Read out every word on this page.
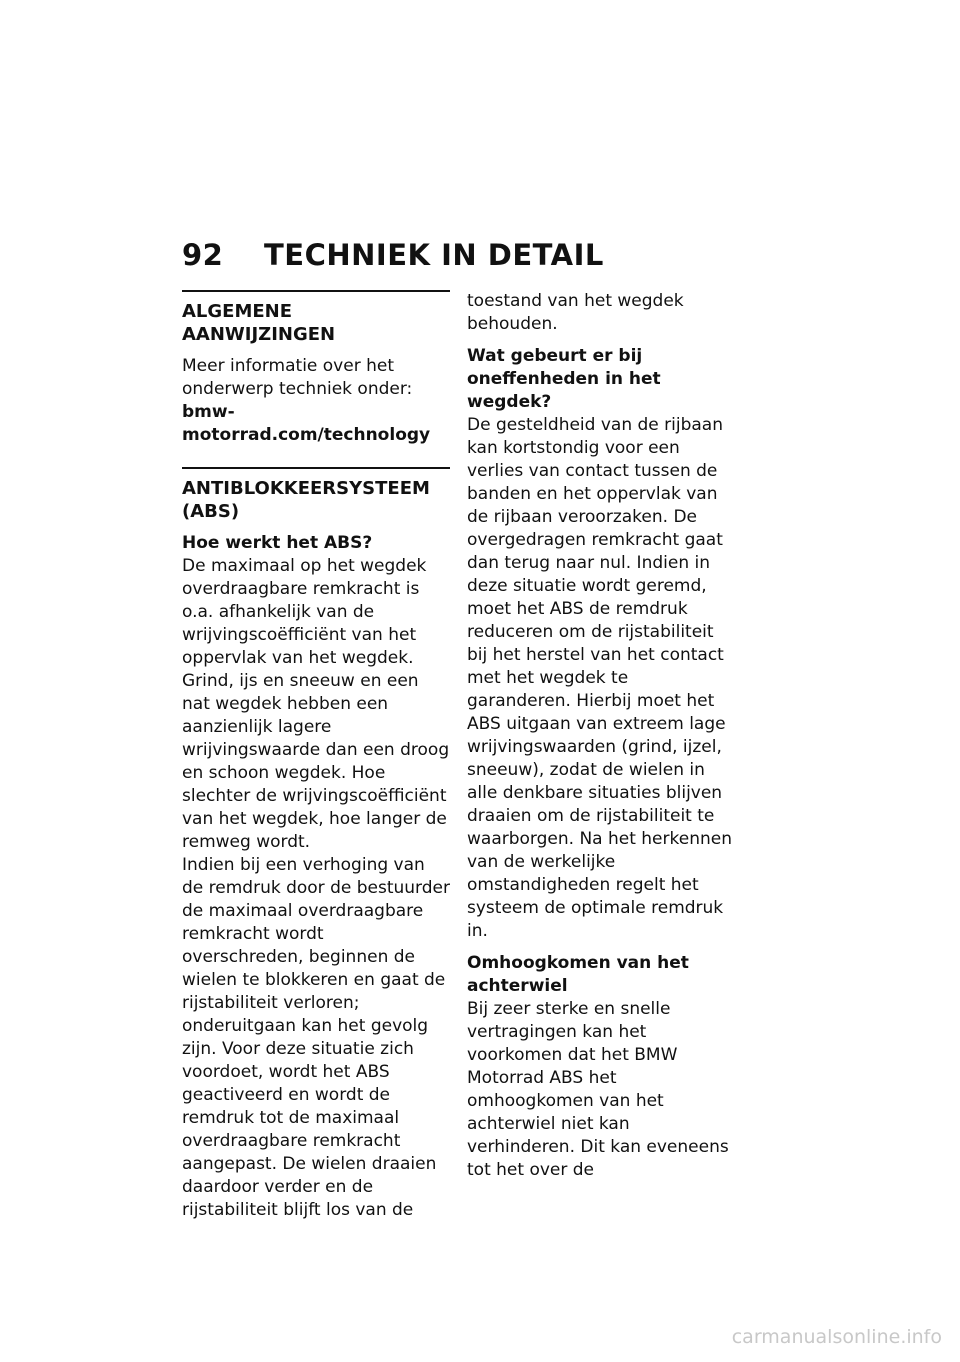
92 TECHNIEK IN DETAIL
ALGEMENE AANWIJZINGEN

Meer informatie over het onderwerp techniek onder:

bmw-motorrad.com/technology
ANTIBLOKKEERSYSTEEM (ABS)
Hoe werkt het ABS?

De maximaal op het wegdek overdraagbare remkracht is o.a. afhankelijk van de wrijvingscoëfficiënt van het oppervlak van het wegdek. Grind, ijs en sneeuw en een nat wegdek hebben een aanzienlijk lagere wrijvingswaarde dan een droog en schoon wegdek. Hoe slechter de wrijvingscoëfficiënt van het wegdek, hoe langer de remweg wordt.

Indien bij een verhoging van de remdruk door de bestuurder de maximaal overdraagbare remkracht wordt overschreden, beginnen de wielen te blokkeren en gaat de rijstabiliteit verloren; onderuitgaan kan het gevolg zijn. Voor deze situatie zich voordoet, wordt het ABS geactiveerd en wordt de remdruk tot de maximaal overdraagbare remkracht aangepast. De wielen draaien daardoor verder en de rijstabiliteit blijft los van de

toestand van het wegdek behouden.

Wat gebeurt er bij oneffenheden in het wegdek?

De gesteldheid van de rijbaan kan kortstondig voor een verlies van contact tussen de banden en het oppervlak van de rijbaan veroorzaken. De overgedragen remkracht gaat dan terug naar nul. Indien in deze situatie wordt geremd, moet het ABS de remdruk reduceren om de rijstabiliteit bij het herstel van het contact met het wegdek te garanderen. Hierbij moet het ABS uitgaan van extreem lage wrijvingswaarden (grind, ijzel, sneeuw), zodat de wielen in alle denkbare situaties blijven draaien om de rijstabiliteit te waarborgen. Na het herkennen van de werkelijke omstandigheden regelt het systeem de optimale remdruk in.

Omhoogkomen van het achterwiel

Bij zeer sterke en snelle vertragingen kan het voorkomen dat het BMW Motorrad ABS het omhoogkomen van het achterwiel niet kan verhinderen. Dit kan eveneens tot het over de

carmanualsonline.info
